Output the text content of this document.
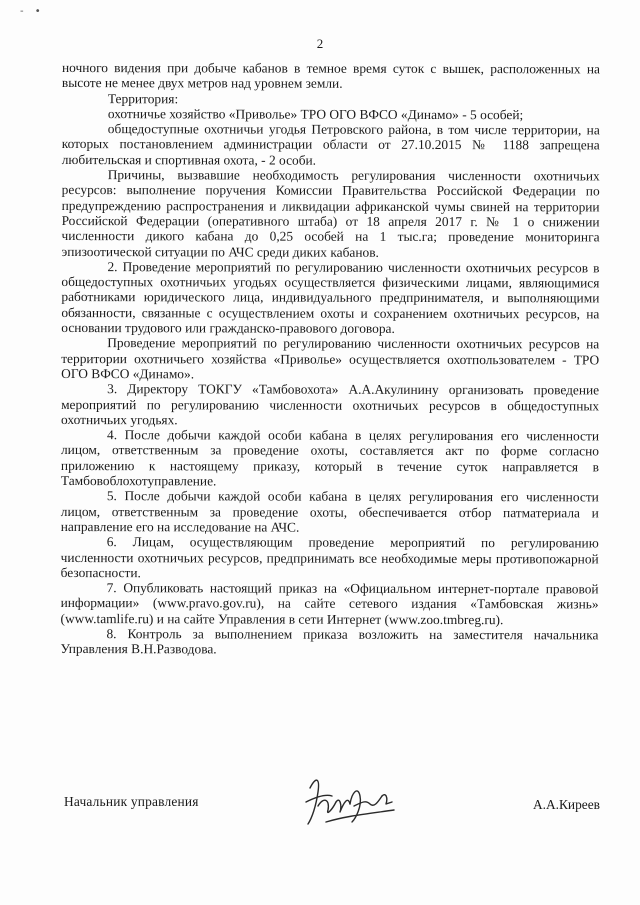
- •
2

ночного видения при добыче кабанов в темное время суток с вышек, расположенных на высоте не менее двух метров над уровнем земли.

Территория:

охотничье хозяйство «Приволье» ТРО ОГО ВФСО «Динамо» - 5 особей;

общедоступные охотничьи угодья Петровского района, в том числе территории, на которых постановлением администрации области от 27.10.2015 № 1188 запрещена любительская и спортивная охота, - 2 особи.

Причины, вызвавшие необходимость регулирования численности охотничьих ресурсов: выполнение поручения Комиссии Правительства Российской Федерации по предупреждению распространения и ликвидации африканской чумы свиней на территории Российской Федерации (оперативного штаба) от 18 апреля 2017 г. № 1 о снижении численности дикого кабана до 0,25 особей на 1 тыс.га; проведение мониторинга эпизоотической ситуации по АЧС среди диких кабанов.

2. Проведение мероприятий по регулированию численности охотничьих ресурсов в общедоступных охотничьих угодьях осуществляется физическими лицами, являющимися работниками юридического лица, индивидуального предпринимателя, и выполняющими обязанности, связанные с осуществлением охоты и сохранением охотничьих ресурсов, на основании трудового или гражданско-правового договора.

Проведение мероприятий по регулированию численности охотничьих ресурсов на территории охотничьего хозяйства «Приволье» осуществляется охотпользователем - ТРО ОГО ВФСО «Динамо».

3. Директору ТОКГУ «Тамбовохота» А.А.Акулинину организовать проведение мероприятий по регулированию численности охотничьих ресурсов в общедоступных охотничьих угодьях.

4. После добычи каждой особи кабана в целях регулирования его численности лицом, ответственным за проведение охоты, составляется акт по форме согласно приложению к настоящему приказу, который в течение суток направляется в Тамбовоблохотуправление.

5. После добычи каждой особи кабана в целях регулирования его численности лицом, ответственным за проведение охоты, обеспечивается отбор патматериала и направление его на исследование на АЧС.

6. Лицам, осуществляющим проведение мероприятий по регулированию численности охотничьих ресурсов, предпринимать все необходимые меры противопожарной безопасности.

7. Опубликовать настоящий приказ на «Официальном интернет-портале правовой информации» (www.pravo.gov.ru), на сайте сетевого издания «Тамбовская жизнь» (www.tamlife.ru) и на сайте Управления в сети Интернет (www.zoo.tmbreg.ru).

8. Контроль за выполнением приказа возложить на заместителя начальника Управления В.Н.Разводова.

Начальник управления	А.А.Киреев
